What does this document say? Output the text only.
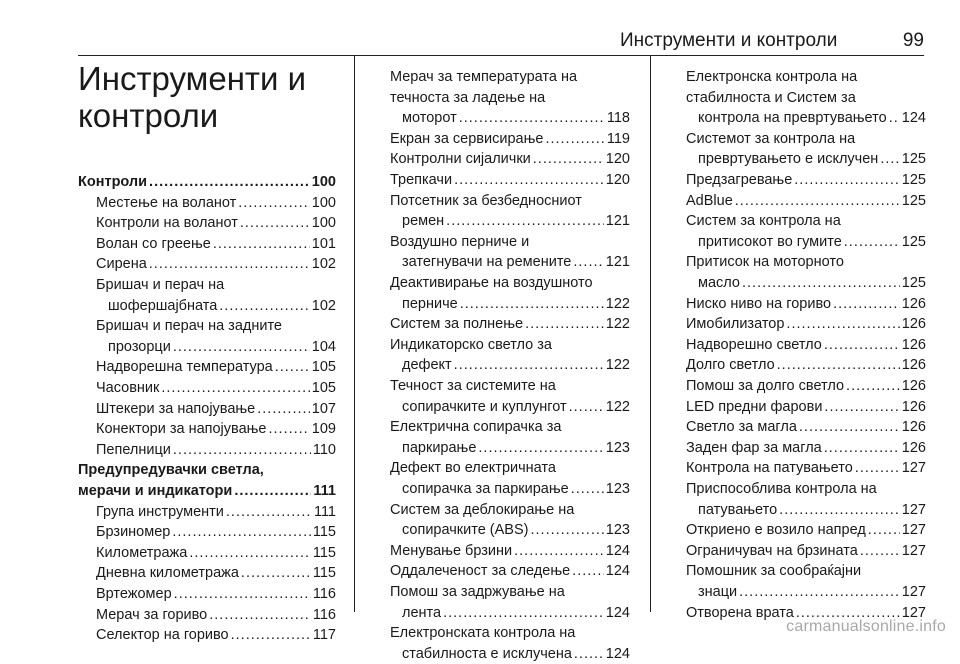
Инструменти и контроли	99
Инструменти и
контроли
Контроли .....	100
Местење на воланот .....	100
Контроли на воланот .....	100
Волан со греење .....	101
Сирена .....	102
Бришач и перач на
шофершајбната .....	102
Бришач и перач на задните
прозорци .....	104
Надворешна температура .....	105
Часовник .....	105
Штекери за напојување .....	107
Конектори за напојување .....	109
Пепелници .....	110
Предупредувачки светла,
мерачи и индикатори .....	111
Група инструменти .....	111
Брзиномер .....	115
Километража .....	115
Дневна километража .....	115
Вртежомер .....	116
Мерач за гориво .....	116
Селектор на гориво .....	117
Мерач за температурата на
течноста за ладење на
моторот .....	118
Екран за сервисирање .....	119
Контролни сијалички .....	120
Трепкачи .....	120
Потсетник за безбедносниот
ремен .....	121
Воздушно перниче и
затегнувачи на ремените ..... 121
Деактивирање на воздушното
перниче .....	122
Систем за полнење .....	122
Индикаторско светло за
дефект .....	122
Течност за системите на
сопирачките и куплунгот .....	122
Електрична сопирачка за
паркирање .....	123
Дефект во електричната
сопирачка за паркирање .....	123
Систем за деблокирање на
сопирачките (ABS) .....	123
Менување брзини .....	124
Оддалеченост за следење ..... 124
Помош за задржување на
лента .....	124
Електронската контрола на
стабилноста е исклучена ..... 124
Електронска контрола на
стабилноста и Систем за
контрола на превртувањето ..... 124
Системот за контрола на
превртувањето е исклучен ..... 125
Предзагревање .....	125
AdBlue .....	125
Систем за контрола на
притисокот во гумите .....	125
Притисок на моторното
масло .....	125
Ниско ниво на гориво .....	126
Имобилизатор .....	126
Надворешно светло .....	126
Долго светло .....	126
Помош за долго светло .....	126
LED предни фарови .....	126
Светло за магла .....	126
Заден фар за магла .....	126
Контрола на патувањето .....	127
Приспособлива контрола на
патувањето .....	127
Откриено е возило напред ..... 127
Ограничувач на брзината .....	127
Помошник за сообраќајни
знаци .....	127
Отворена врата .....	127
carmanualsonline.info
